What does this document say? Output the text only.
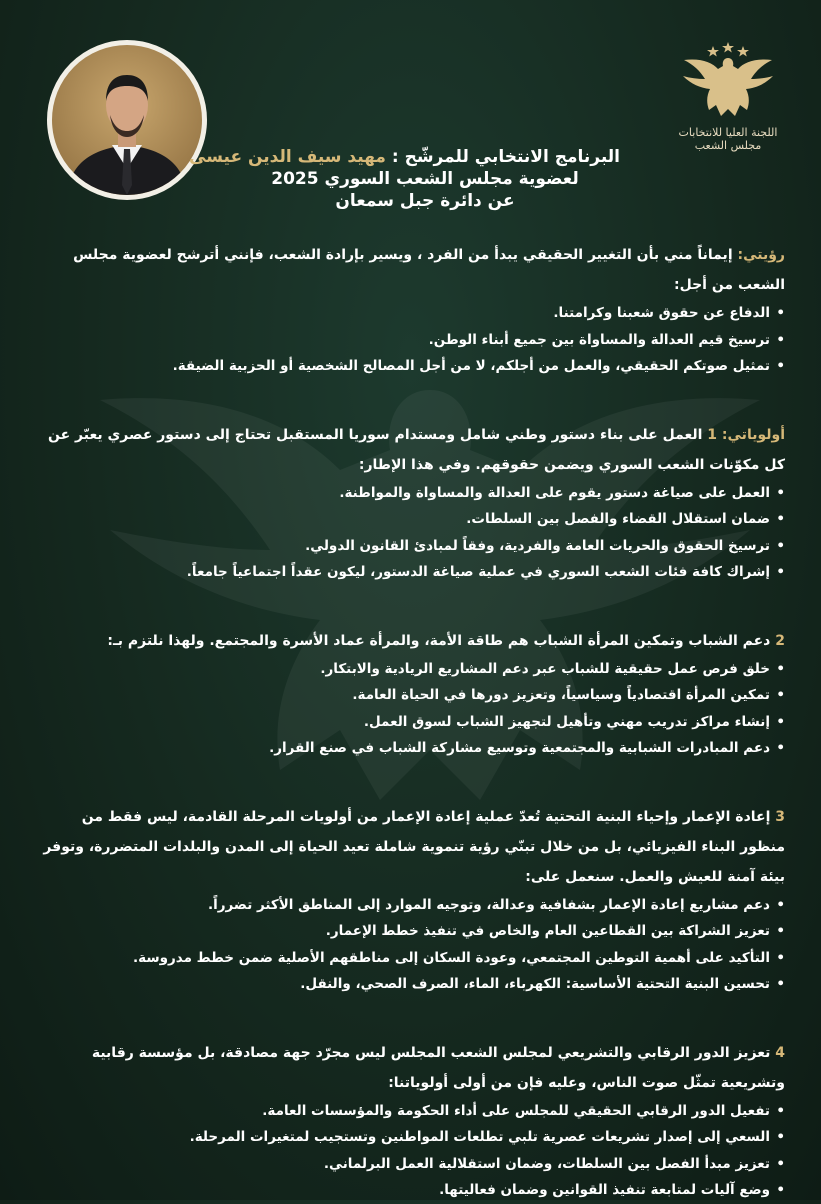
اللجنة العليا للانتخابات
مجلس الشعب
البرنامج الانتخابي للمرشّح : مهيد سيف الدين عيسى
لعضوية مجلس الشعب السوري 2025
عن دائرة جبل سمعان
رؤيتي: إيماناً مني بأن التغيير الحقيقي يبدأ من الفرد ، ويسير بإرادة الشعب، فإنني أترشح لعضوية مجلس الشعب من أجل:
• الدفاع عن حقوق شعبنا وكرامتنا.
• ترسيخ قيم العدالة والمساواة بين جميع أبناء الوطن.
• تمثيل صوتكم الحقيقي، والعمل من أجلكم، لا من أجل المصالح الشخصية أو الحزبية الضيقة.
أولوياتي: 1 العمل على بناء دستور وطني شامل ومستدام سوريا المستقبل تحتاج إلى دستور عصري يعبّر عن كل مكوّنات الشعب السوري ويضمن حقوقهم. وفي هذا الإطار:
• العمل على صياغة دستور يقوم على العدالة والمساواة والمواطنة.
• ضمان استقلال القضاء والفصل بين السلطات.
• ترسيخ الحقوق والحريات العامة والفردية، وفقاً لمبادئ القانون الدولي.
• إشراك كافة فئات الشعب السوري في عملية صياغة الدستور، ليكون عقداً اجتماعياً جامعاً.
2 دعم الشباب وتمكين المرأة الشباب هم طاقة الأمة، والمرأة عماد الأسرة والمجتمع. ولهذا نلتزم بـ:
• خلق فرص عمل حقيقية للشباب عبر دعم المشاريع الريادية والابتكار.
• تمكين المرأة اقتصادياً وسياسياً، وتعزيز دورها في الحياة العامة.
• إنشاء مراكز تدريب مهني وتأهيل لتجهيز الشباب لسوق العمل.
• دعم المبادرات الشبابية والمجتمعية وتوسيع مشاركة الشباب في صنع القرار.
3 إعادة الإعمار وإحياء البنية التحتية تُعدّ عملية إعادة الإعمار من أولويات المرحلة القادمة، ليس فقط من منظور البناء الفيزيائي، بل من خلال تبنّي رؤية تنموية شاملة تعيد الحياة إلى المدن والبلدات المتضررة، وتوفر بيئة آمنة للعيش والعمل. سنعمل على:
• دعم مشاريع إعادة الإعمار بشفافية وعدالة، وتوجيه الموارد إلى المناطق الأكثر تضرراً.
• تعزيز الشراكة بين القطاعين العام والخاص في تنفيذ خطط الإعمار.
• التأكيد على أهمية التوطين المجتمعي، وعودة السكان إلى مناطقهم الأصلية ضمن خطط مدروسة.
• تحسين البنية التحتية الأساسية: الكهرباء، الماء، الصرف الصحي، والنقل.
4 تعزيز الدور الرقابي والتشريعي لمجلس الشعب المجلس ليس مجرّد جهة مصادقة، بل مؤسسة رقابية وتشريعية تمثّل صوت الناس، وعليه فإن من أولى أولوياتنا:
• تفعيل الدور الرقابي الحقيقي للمجلس على أداء الحكومة والمؤسسات العامة.
• السعي إلى إصدار تشريعات عصرية تلبي تطلعات المواطنين وتستجيب لمتغيرات المرحلة.
• تعزيز مبدأ الفصل بين السلطات، وضمان استقلالية العمل البرلماني.
• وضع آليات لمتابعة تنفيذ القوانين وضمان فعاليتها.
